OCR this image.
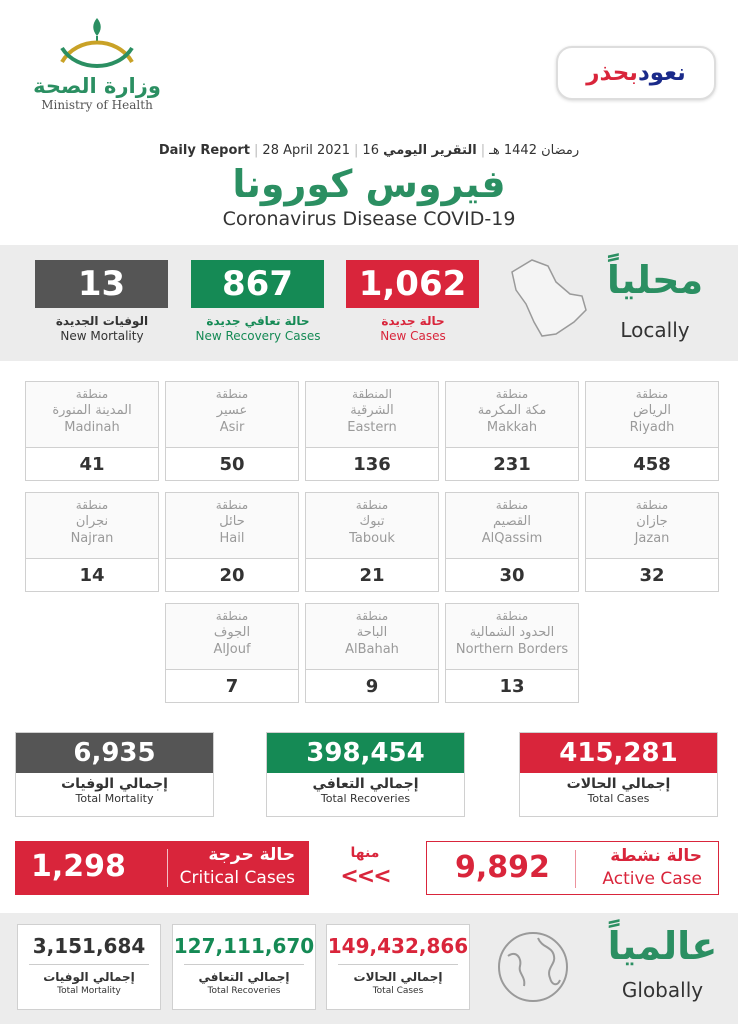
وزارة الصحة
Ministry of Health
نعود
بحذر
Daily Report | 28 April 2021 | 16 رمضان 1442 هـ|التقرير اليومي
فيروس كورونا
Coronavirus Disease COVID-19
13
الوفيات الجديدة
New Mortality
867
حالة تعافي جديدة
New Recovery Cases
1,062
حالة جديدة
New Cases
محلياً
Locally
منطقة
الرياض
Riyadh
458
منطقة
مكة المكرمة
Makkah
231
المنطقة
الشرقية
Eastern
136
منطقة
عسير
Asir
50
منطقة
المدينة المنورة
Madinah
41
منطقة
جازان
Jazan
32
منطقة
القصيم
AlQassim
30
منطقة
تبوك
Tabouk
21
منطقة
حائل
Hail
20
منطقة
نجران
Najran
14
منطقة
الحدود الشمالية
Northern Borders
13
منطقة
الباحة
AlBahah
9
منطقة
الجوف
AlJouf
7
6,935
إجمالي الوفيات
Total Mortality
398,454
إجمالي التعافي
Total Recoveries
415,281
إجمالي الحالات
Total Cases
1,298	حالة حرجة
Critical Cases
منها
<<<	9,892	حالة نشطة
Active Case
3,151,684
إجمالي الوفيات
Total Mortality
127,111,670
إجمالي التعافي
Total Recoveries
149,432,866
إجمالي الحالات
Total Cases
عالمياً
Globally
